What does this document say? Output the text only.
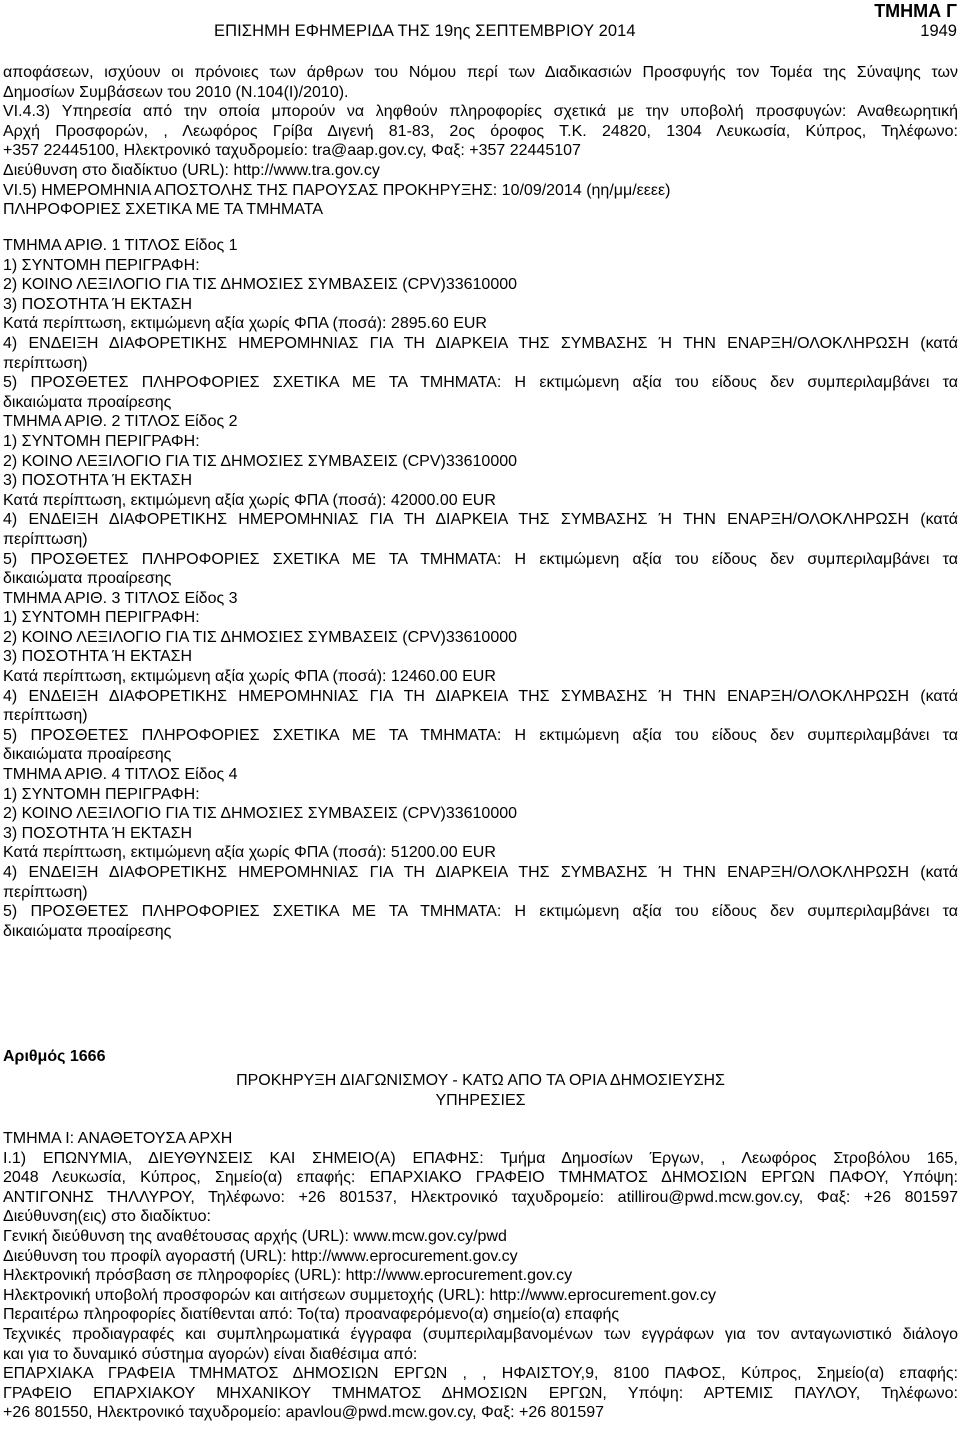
ΕΠΙΣΗΜΗ ΕΦΗΜΕΡΙΔΑ ΤΗΣ 19ης ΣΕΠΤΕΜΒΡΙΟΥ 2014
ΤΜΗΜΑ Γ
1949
αποφάσεων, ισχύουν οι πρόνοιες των άρθρων του Νόμου περί των Διαδικασιών Προσφυγής τον Τομέα της Σύναψης των
Δημοσίων Συμβάσεων του 2010 (Ν.104(Ι)/2010).
VI.4.3) Υπηρεσία από την οποία μπορούν να ληφθούν πληροφορίες σχετικά με την υποβολή προσφυγών: Αναθεωρητική
Αρχή Προσφορών, , Λεωφόρος Γρίβα Διγενή 81-83, 2ος όροφος Τ.Κ. 24820, 1304 Λευκωσία, Κύπρος, Τηλέφωνο:
+357 22445100, Ηλεκτρονικό ταχυδρομείο: tra@aap.gov.cy, Φαξ: +357 22445107
Διεύθυνση στο διαδίκτυο (URL): http://www.tra.gov.cy
VI.5) ΗΜΕΡΟΜΗΝΙΑ ΑΠΟΣΤΟΛΗΣ ΤΗΣ ΠΑΡΟΥΣΑΣ ΠΡΟΚΗΡΥΞΗΣ: 10/09/2014 (ηη/μμ/εεεε)
ΠΛΗΡΟΦΟΡΙΕΣ ΣΧΕΤΙΚΑ ΜΕ ΤΑ ΤΜΗΜΑΤΑ
ΤΜΗΜΑ ΑΡΙΘ. 1 ΤΙΤΛΟΣ Είδος 1
1) ΣΥΝΤΟΜΗ ΠΕΡΙΓΡΑΦΗ:
2) ΚΟΙΝΟ ΛΕΞΙΛΟΓΙΟ ΓΙΑ ΤΙΣ ΔΗΜΟΣΙΕΣ ΣΥΜΒΑΣΕΙΣ (CPV)33610000
3) ΠΟΣΟΤΗΤΑ Ή ΕΚΤΑΣΗ
Κατά περίπτωση, εκτιμώμενη αξία χωρίς ΦΠΑ (ποσά): 2895.60 EUR
4) ΕΝΔΕΙΞΗ ΔΙΑΦΟΡΕΤΙΚΗΣ ΗΜΕΡΟΜΗΝΙΑΣ ΓΙΑ ΤΗ ΔΙΑΡΚΕΙΑ ΤΗΣ ΣΥΜΒΑΣΗΣ Ή ΤΗΝ ΕΝΑΡΞΗ/ΟΛΟΚΛΗΡΩΣΗ (κατά
περίπτωση)
5) ΠΡΟΣΘΕΤΕΣ ΠΛΗΡΟΦΟΡΙΕΣ ΣΧΕΤΙΚΑ ΜΕ ΤΑ ΤΜΗΜΑΤΑ: Η εκτιμώμενη αξία του είδους δεν συμπεριλαμβάνει τα
δικαιώματα προαίρεσης
ΤΜΗΜΑ ΑΡΙΘ. 2 ΤΙΤΛΟΣ Είδος 2
1) ΣΥΝΤΟΜΗ ΠΕΡΙΓΡΑΦΗ:
2) ΚΟΙΝΟ ΛΕΞΙΛΟΓΙΟ ΓΙΑ ΤΙΣ ΔΗΜΟΣΙΕΣ ΣΥΜΒΑΣΕΙΣ (CPV)33610000
3) ΠΟΣΟΤΗΤΑ Ή ΕΚΤΑΣΗ
Κατά περίπτωση, εκτιμώμενη αξία χωρίς ΦΠΑ (ποσά): 42000.00 EUR
4) ΕΝΔΕΙΞΗ ΔΙΑΦΟΡΕΤΙΚΗΣ ΗΜΕΡΟΜΗΝΙΑΣ ΓΙΑ ΤΗ ΔΙΑΡΚΕΙΑ ΤΗΣ ΣΥΜΒΑΣΗΣ Ή ΤΗΝ ΕΝΑΡΞΗ/ΟΛΟΚΛΗΡΩΣΗ (κατά
περίπτωση)
5) ΠΡΟΣΘΕΤΕΣ ΠΛΗΡΟΦΟΡΙΕΣ ΣΧΕΤΙΚΑ ΜΕ ΤΑ ΤΜΗΜΑΤΑ: Η εκτιμώμενη αξία του είδους δεν συμπεριλαμβάνει τα
δικαιώματα προαίρεσης
ΤΜΗΜΑ ΑΡΙΘ. 3 ΤΙΤΛΟΣ Είδος 3
1) ΣΥΝΤΟΜΗ ΠΕΡΙΓΡΑΦΗ:
2) ΚΟΙΝΟ ΛΕΞΙΛΟΓΙΟ ΓΙΑ ΤΙΣ ΔΗΜΟΣΙΕΣ ΣΥΜΒΑΣΕΙΣ (CPV)33610000
3) ΠΟΣΟΤΗΤΑ Ή ΕΚΤΑΣΗ
Κατά περίπτωση, εκτιμώμενη αξία χωρίς ΦΠΑ (ποσά): 12460.00 EUR
4) ΕΝΔΕΙΞΗ ΔΙΑΦΟΡΕΤΙΚΗΣ ΗΜΕΡΟΜΗΝΙΑΣ ΓΙΑ ΤΗ ΔΙΑΡΚΕΙΑ ΤΗΣ ΣΥΜΒΑΣΗΣ Ή ΤΗΝ ΕΝΑΡΞΗ/ΟΛΟΚΛΗΡΩΣΗ (κατά
περίπτωση)
5) ΠΡΟΣΘΕΤΕΣ ΠΛΗΡΟΦΟΡΙΕΣ ΣΧΕΤΙΚΑ ΜΕ ΤΑ ΤΜΗΜΑΤΑ: Η εκτιμώμενη αξία του είδους δεν συμπεριλαμβάνει τα
δικαιώματα προαίρεσης
ΤΜΗΜΑ ΑΡΙΘ. 4 ΤΙΤΛΟΣ Είδος 4
1) ΣΥΝΤΟΜΗ ΠΕΡΙΓΡΑΦΗ:
2) ΚΟΙΝΟ ΛΕΞΙΛΟΓΙΟ ΓΙΑ ΤΙΣ ΔΗΜΟΣΙΕΣ ΣΥΜΒΑΣΕΙΣ (CPV)33610000
3) ΠΟΣΟΤΗΤΑ Ή ΕΚΤΑΣΗ
Κατά περίπτωση, εκτιμώμενη αξία χωρίς ΦΠΑ (ποσά): 51200.00 EUR
4) ΕΝΔΕΙΞΗ ΔΙΑΦΟΡΕΤΙΚΗΣ ΗΜΕΡΟΜΗΝΙΑΣ ΓΙΑ ΤΗ ΔΙΑΡΚΕΙΑ ΤΗΣ ΣΥΜΒΑΣΗΣ Ή ΤΗΝ ΕΝΑΡΞΗ/ΟΛΟΚΛΗΡΩΣΗ (κατά
περίπτωση)
5) ΠΡΟΣΘΕΤΕΣ ΠΛΗΡΟΦΟΡΙΕΣ ΣΧΕΤΙΚΑ ΜΕ ΤΑ ΤΜΗΜΑΤΑ: Η εκτιμώμενη αξία του είδους δεν συμπεριλαμβάνει τα
δικαιώματα προαίρεσης
Αριθμός 1666
ΠΡΟΚΗΡΥΞΗ ΔΙΑΓΩΝΙΣΜΟΥ - ΚΑΤΩ ΑΠΟ ΤΑ ΟΡΙΑ ΔΗΜΟΣΙΕΥΣΗΣ
ΥΠΗΡΕΣΙΕΣ
ΤΜΗΜΑ Ι: ΑΝΑΘΕΤΟΥΣΑ ΑΡΧΗ
Ι.1) ΕΠΩΝΥΜΙΑ, ΔΙΕΥΘΥΝΣΕΙΣ ΚΑΙ ΣΗΜΕΙΟ(Α) ΕΠΑΦΗΣ: Τμήμα Δημοσίων Έργων, , Λεωφόρος Στροβόλου 165,
2048 Λευκωσία, Κύπρος, Σημείο(α) επαφής: ΕΠΑΡΧΙΑΚΟ ΓΡΑΦΕΙΟ ΤΜΗΜΑΤΟΣ ΔΗΜΟΣΙΩΝ ΕΡΓΩΝ ΠΑΦΟΥ, Υπόψη:
ΑΝΤΙΓΟΝΗΣ ΤΗΛΛΥΡΟΥ, Τηλέφωνο: +26 801537, Ηλεκτρονικό ταχυδρομείο: atillirou@pwd.mcw.gov.cy, Φαξ: +26 801597
Διεύθυνση(εις) στο διαδίκτυο:
Γενική διεύθυνση της αναθέτουσας αρχής (URL): www.mcw.gov.cy/pwd
Διεύθυνση του προφίλ αγοραστή (URL): http://www.eprocurement.gov.cy
Ηλεκτρονική πρόσβαση σε πληροφορίες (URL): http://www.eprocurement.gov.cy
Ηλεκτρονική υποβολή προσφορών και αιτήσεων συμμετοχής (URL): http://www.eprocurement.gov.cy
Περαιτέρω πληροφορίες διατίθενται από: Το(τα) προαναφερόμενο(α) σημείο(α) επαφής
Τεχνικές προδιαγραφές και συμπληρωματικά έγγραφα (συμπεριλαμβανομένων των εγγράφων για τον ανταγωνιστικό διάλογο
και για το δυναμικό σύστημα αγορών) είναι διαθέσιμα από:
ΕΠΑΡΧΙΑΚΑ ΓΡΑΦΕΙΑ ΤΜΗΜΑΤΟΣ ΔΗΜΟΣΙΩΝ ΕΡΓΩΝ , , ΗΦΑΙΣΤΟΥ,9, 8100 ΠΑΦΟΣ, Κύπρος, Σημείο(α) επαφής:
ΓΡΑΦΕΙΟ ΕΠΑΡΧΙΑΚΟΥ ΜΗΧΑΝΙΚΟΥ ΤΜΗΜΑΤΟΣ ΔΗΜΟΣΙΩΝ ΕΡΓΩΝ, Υπόψη: ΑΡΤΕΜΙΣ ΠΑΥΛΟΥ, Τηλέφωνο:
+26 801550, Ηλεκτρονικό ταχυδρομείο: apavlou@pwd.mcw.gov.cy, Φαξ: +26 801597
